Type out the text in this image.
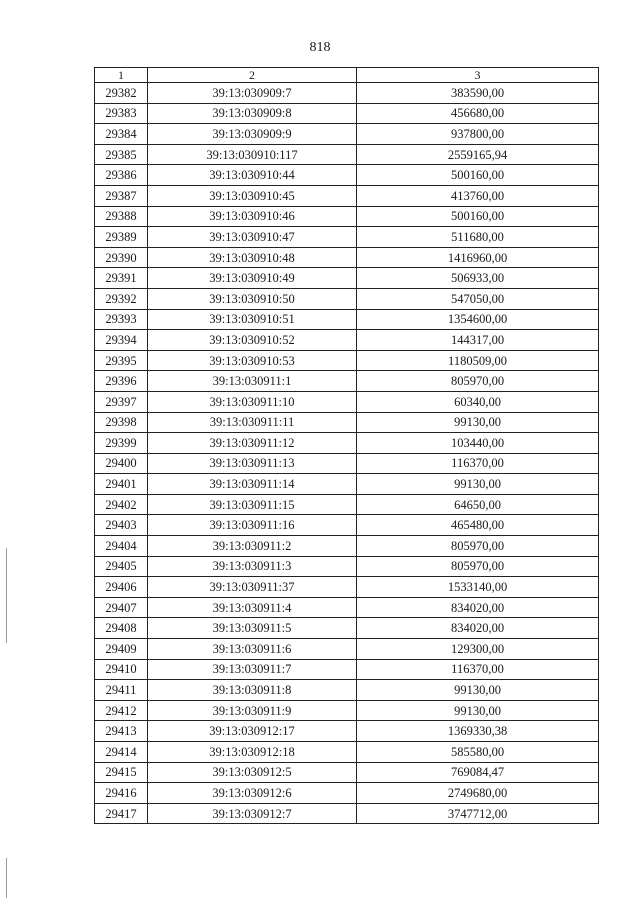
818
1	2	3
29382	39:13:030909:7	383590,00
29383	39:13:030909:8	456680,00
29384	39:13:030909:9	937800,00
29385	39:13:030910:117	2559165,94
29386	39:13:030910:44	500160,00
29387	39:13:030910:45	413760,00
29388	39:13:030910:46	500160,00
29389	39:13:030910:47	511680,00
29390	39:13:030910:48	1416960,00
29391	39:13:030910:49	506933,00
29392	39:13:030910:50	547050,00
29393	39:13:030910:51	1354600,00
29394	39:13:030910:52	144317,00
29395	39:13:030910:53	1180509,00
29396	39:13:030911:1	805970,00
29397	39:13:030911:10	60340,00
29398	39:13:030911:11	99130,00
29399	39:13:030911:12	103440,00
29400	39:13:030911:13	116370,00
29401	39:13:030911:14	99130,00
29402	39:13:030911:15	64650,00
29403	39:13:030911:16	465480,00
29404	39:13:030911:2	805970,00
29405	39:13:030911:3	805970,00
29406	39:13:030911:37	1533140,00
29407	39:13:030911:4	834020,00
29408	39:13:030911:5	834020,00
29409	39:13:030911:6	129300,00
29410	39:13:030911:7	116370,00
29411	39:13:030911:8	99130,00
29412	39:13:030911:9	99130,00
29413	39:13:030912:17	1369330,38
29414	39:13:030912:18	585580,00
29415	39:13:030912:5	769084,47
29416	39:13:030912:6	2749680,00
29417	39:13:030912:7	3747712,00
